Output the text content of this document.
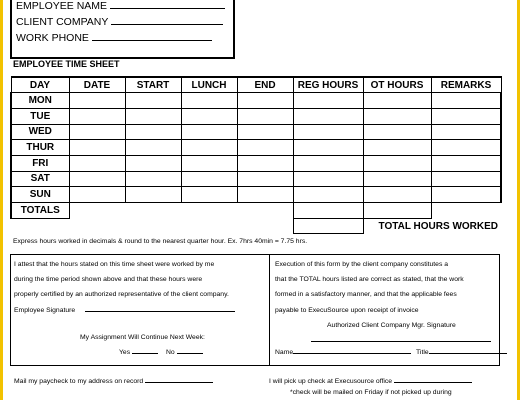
EMPLOYEE NAME
CLIENT COMPANY
WORK PHONE
EMPLOYEE TIME SHEET
DAY	DATE	START	LUNCH	END	REG HOURS	OT HOURS	REMARKS
MON							
TUE							
WED							
THUR							
FRI							
SAT							
SUN							
TOTALS							
						TOTAL HOURS WORKED	
Express hours worked in decimals & round to the nearest quarter hour. Ex. 7hrs 40min = 7.75 hrs.
I attest that the hours stated on this time sheet were worked by me
during the time period shown above and that these hours were
properly certified by an authorized representative of the client company.
Employee Signature
My Assignment Will Continue Next Week:
Yes	No
Execution of this form by the client company constitutes a
that the TOTAL hours listed are correct as stated, that the work
formed in a satisfactory manner, and that the applicable fees
payable to ExecuSource upon receipt of invoice
Authorized Client Company Mgr. Signature
Name	Title
Mail my paycheck to my address on record	I will pick up check at Execusource office
*check will be mailed on Friday if not picked up during
